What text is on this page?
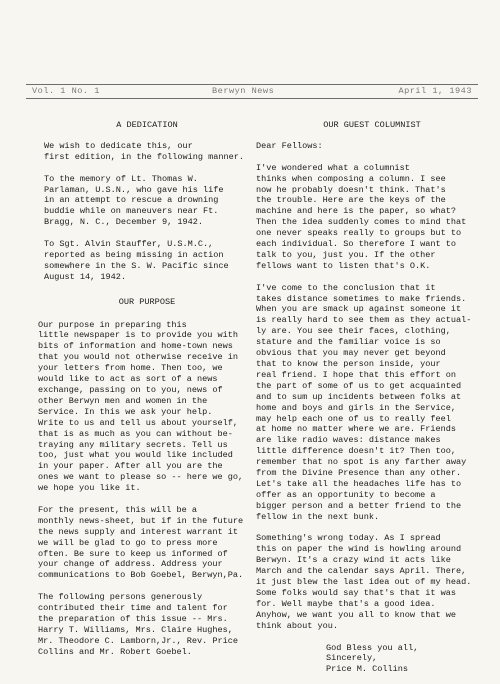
Vol. 1 No. 1	Berwyn News	April 1, 1943
A DEDICATION

We wish to dedicate this, our
first edition, in the following manner.

To the memory of Lt. Thomas W.
Parlaman, U.S.N., who gave his life
in an attempt to rescue a drowning
buddie while on maneuvers near Ft.
Bragg, N. C., December 9, 1942.

To Sgt. Alvin Stauffer, U.S.M.C.,
reported as being missing in action
somewhere in the S. W. Pacific since
August 14, 1942.

OUR PURPOSE

Our purpose in preparing this
little newspaper is to provide you with
bits of information and home-town news
that you would not otherwise receive in
your letters from home. Then too, we
would like to act as sort of a news
exchange, passing on to you, news of
other Berwyn men and women in the
Service. In this we ask your help.
Write to us and tell us about yourself,
that is as much as you can without be-
traying any military secrets. Tell us
too, just what you would like included
in your paper. After all you are the
ones we want to please so -- here we go,
we hope you like it.

For the present, this will be a
monthly news-sheet, but if in the future
the news supply and interest warrant it
we will be glad to go to press more
often. Be sure to keep us informed of
your change of address. Address your
communications to Bob Goebel, Berwyn,Pa.

The following persons generously
contributed their time and talent for
the preparation of this issue -- Mrs.
Harry T. Williams, Mrs. Claire Hughes,
Mr. Theodore C. Lamborn,Jr., Rev. Price
Collins and Mr. Robert Goebel.

OUR GUEST COLUMNIST

Dear Fellows:

I've wondered what a columnist
thinks when composing a column. I see
now he probably doesn't think. That's
the trouble. Here are the keys of the
machine and here is the paper, so what?
Then the idea suddenly comes to mind that
one never speaks really to groups but to
each individual. So therefore I want to
talk to you, just you. If the other
fellows want to listen that's O.K.

I've come to the conclusion that it
takes distance sometimes to make friends.
When you are smack up against someone it
is really hard to see them as they actual-
ly are. You see their faces, clothing,
stature and the familiar voice is so
obvious that you may never get beyond
that to know the person inside, your
real friend. I hope that this effort on
the part of some of us to get acquainted
and to sum up incidents between folks at
home and boys and girls in the Service,
may help each one of us to really feel
at home no matter where we are. Friends
are like radio waves: distance makes
little difference doesn't it? Then too,
remember that no spot is any farther away
from the Divine Presence than any other.
Let's take all the headaches life has to
offer as an opportunity to become a
bigger person and a better friend to the
fellow in the next bunk.

Something's wrong today. As I spread
this on paper the wind is howling around
Berwyn. It's a crazy wind it acts like
March and the calendar says April. There,
it just blew the last idea out of my head.
Some folks would say that's that it was
for. Well maybe that's a good idea.
Anyhow, we want you all to know that we
think about you.

God Bless you all,
Sincerely,
Price M. Collins
